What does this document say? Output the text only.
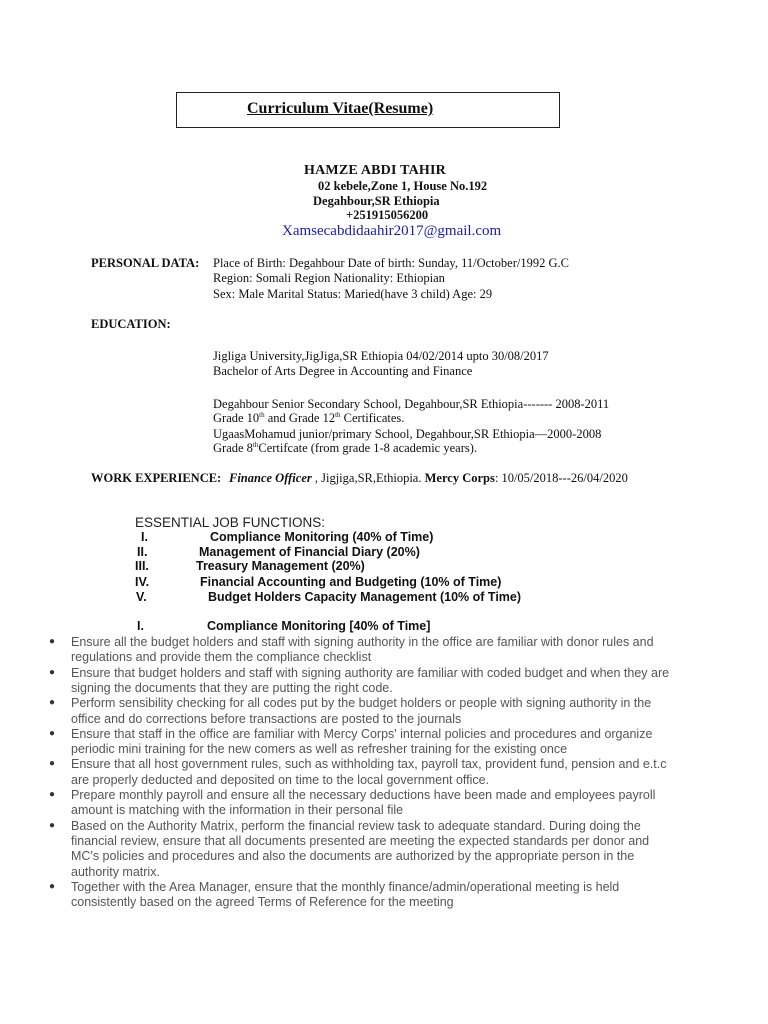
Curriculum Vitae(Resume)
HAMZE ABDI TAHIR
02 kebele,Zone 1, House No.192
Degahbour,SR Ethiopia
+251915056200
Xamsecabdidaahir2017@gmail.com
PERSONAL DATA: Place of Birth: Degahbour Date of birth: Sunday, 11/October/1992 G.C
Region: Somali Region Nationality: Ethiopian
Sex: Male Marital Status: Maried(have 3 child) Age: 29
EDUCATION:
Jigliga University,JigJiga,SR Ethiopia 04/02/2014 upto 30/08/2017
Bachelor of Arts Degree in Accounting and Finance
Degahbour Senior Secondary School, Degahbour,SR Ethiopia------- 2008-2011
Grade 10th and Grade 12th Certificates.
UgaasMohamud junior/primary School, Degahbour,SR Ethiopia—2000-2008
Grade 8thCertifcate (from grade 1-8 academic years).
WORK EXPERIENCE: Finance Officer , Jigjiga,SR,Ethiopia. Mercy Corps: 10/05/2018---26/04/2020
ESSENTIAL JOB FUNCTIONS:
I.	Compliance Monitoring (40% of Time)
II.	Management of Financial Diary (20%)
III.	Treasury Management (20%)
IV.	Financial Accounting and Budgeting (10% of Time)
V.	Budget Holders Capacity Management (10% of Time)
I.	Compliance Monitoring [40% of Time]
● Ensure all the budget holders and staff with signing authority in the office are familiar with donor rules and
regulations and provide them the compliance checklist
● Ensure that budget holders and staff with signing authority are familiar with coded budget and when they are
signing the documents that they are putting the right code.
● Perform sensibility checking for all codes put by the budget holders or people with signing authority in the
office and do corrections before transactions are posted to the journals
● Ensure that staff in the office are familiar with Mercy Corps' internal policies and procedures and organize
periodic mini training for the new comers as well as refresher training for the existing once
● Ensure that all host government rules, such as withholding tax, payroll tax, provident fund, pension and e.t.c
are properly deducted and deposited on time to the local government office.
● Prepare monthly payroll and ensure all the necessary deductions have been made and employees payroll
amount is matching with the information in their personal file
● Based on the Authority Matrix, perform the financial review task to adequate standard. During doing the
financial review, ensure that all documents presented are meeting the expected standards per donor and
MC's policies and procedures and also the documents are authorized by the appropriate person in the
authority matrix.
● Together with the Area Manager, ensure that the monthly finance/admin/operational meeting is held
consistently based on the agreed Terms of Reference for the meeting
